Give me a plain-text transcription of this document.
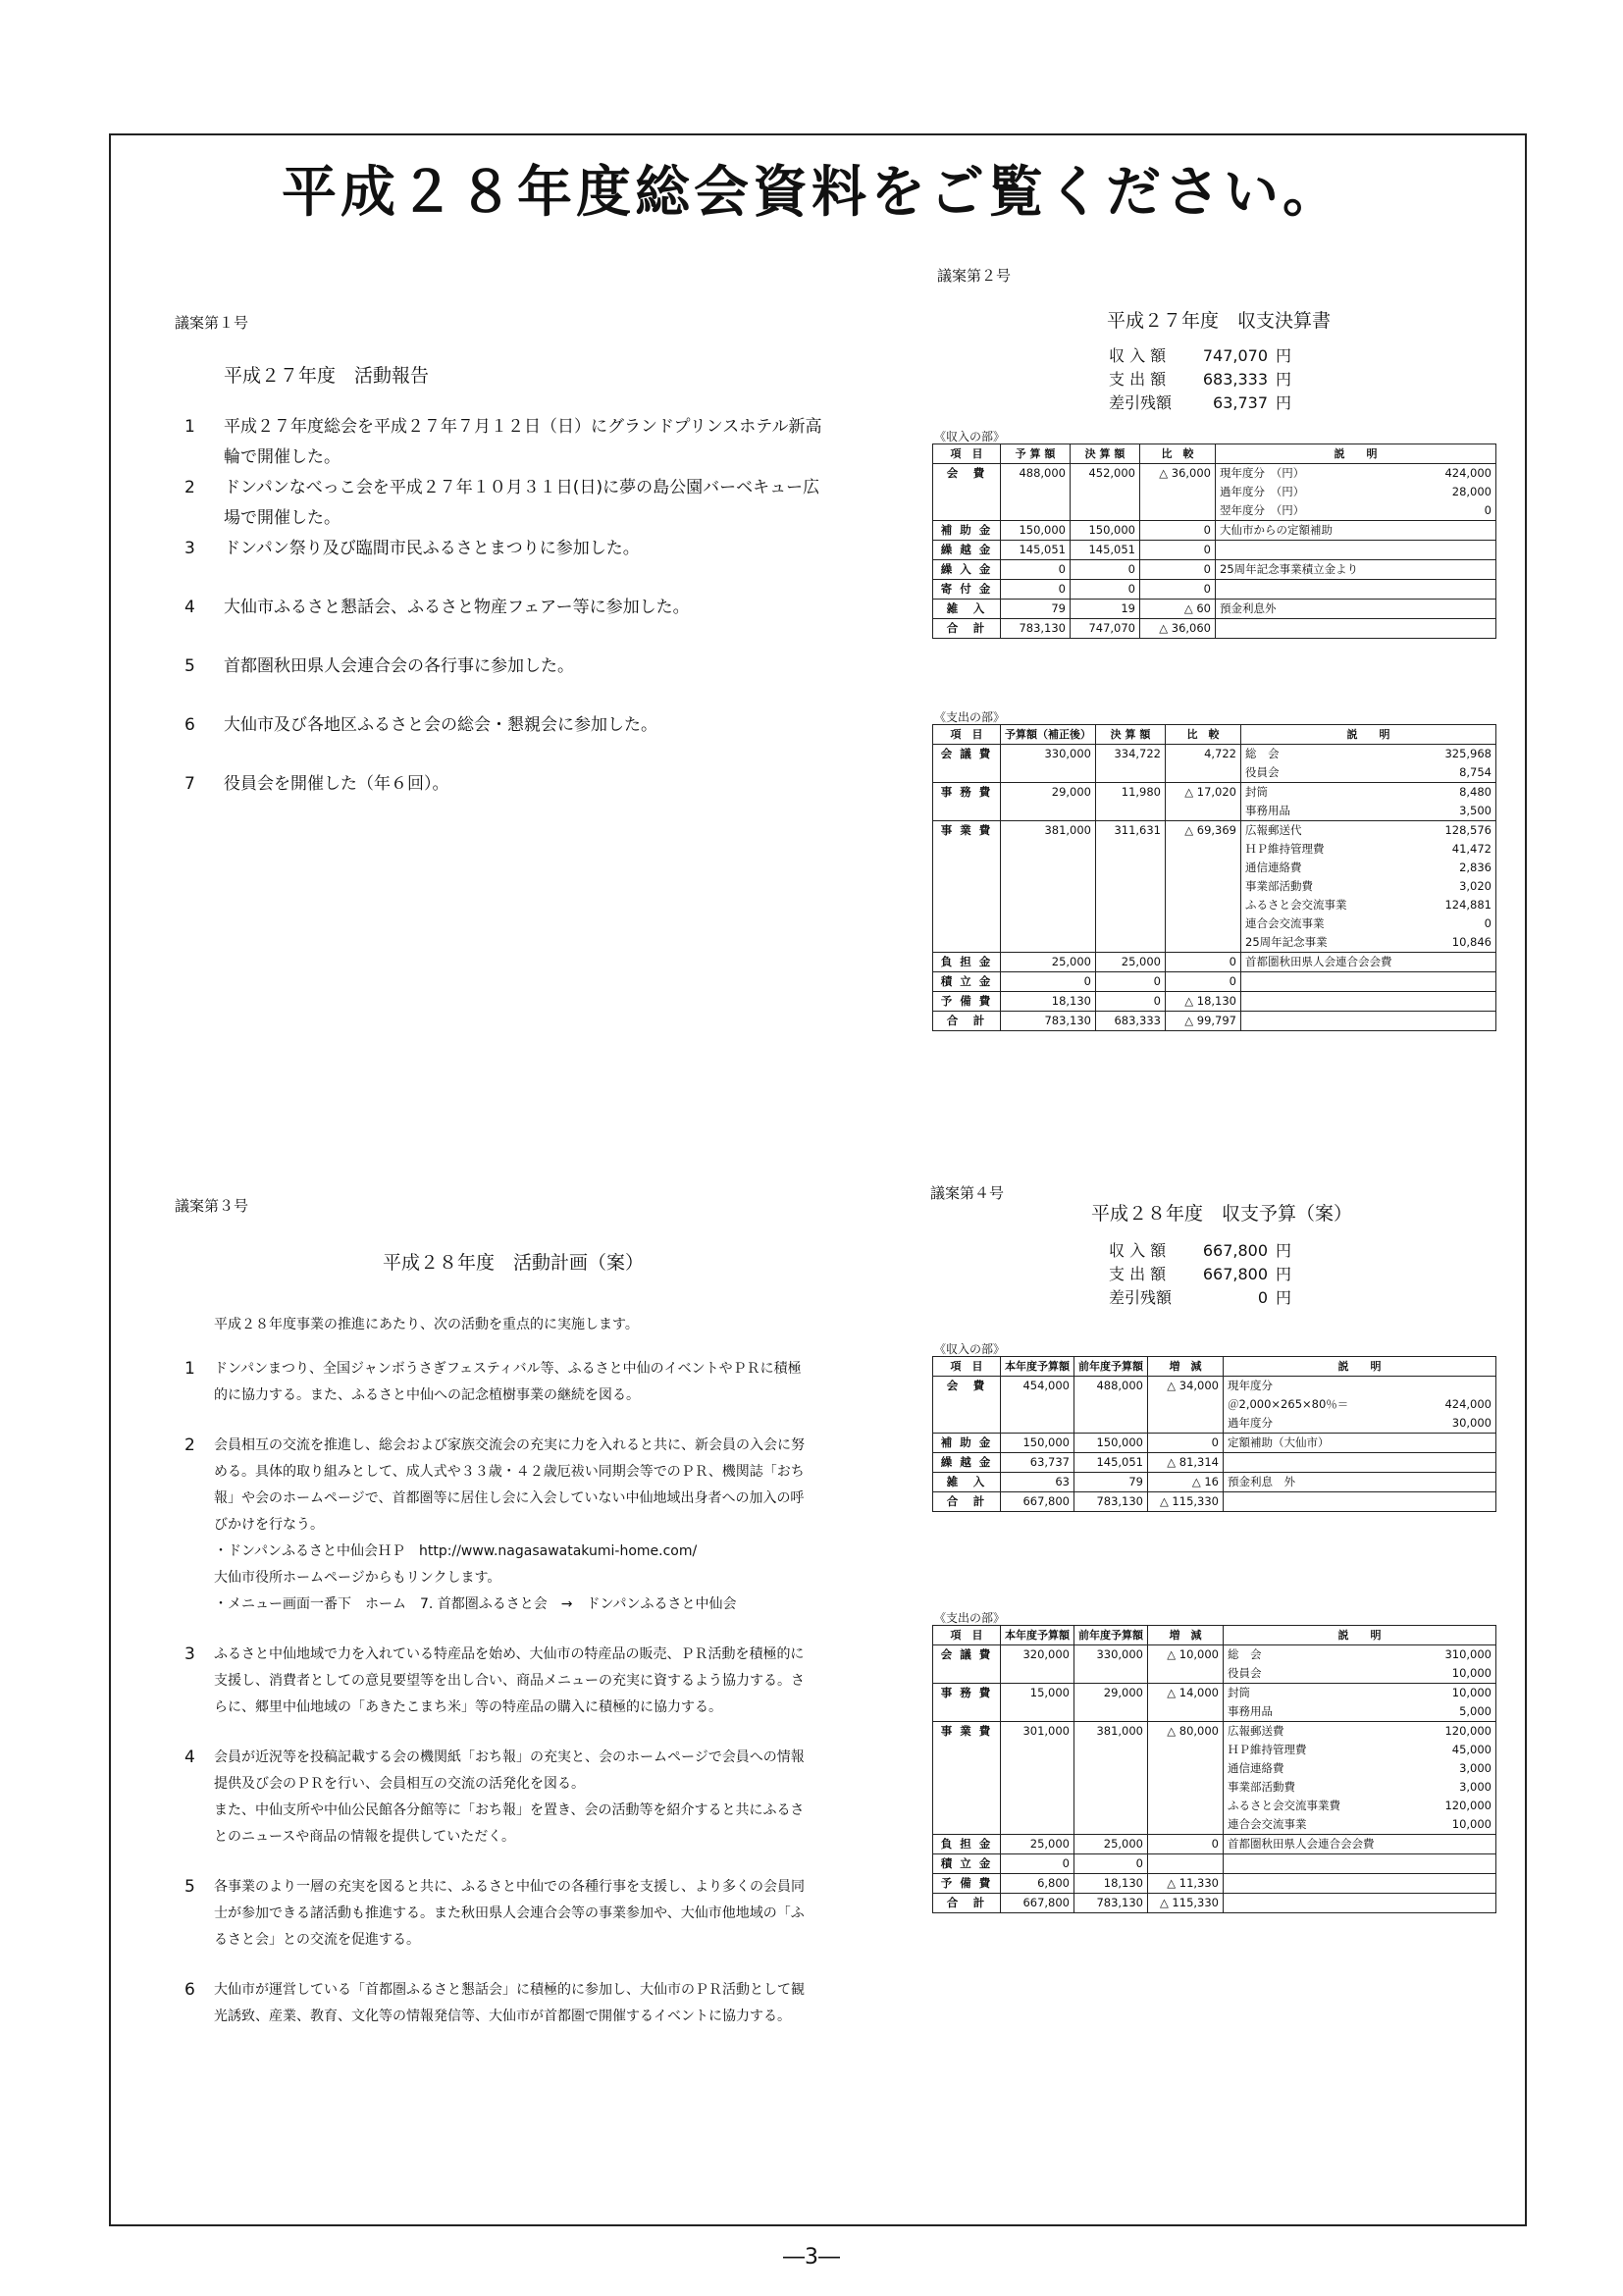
平成２８年度総会資料をご覧ください。
議案第１号
平成２７年度　活動報告
1 平成２７年度総会を平成２７年７月１２日（日）にグランドプリンスホテル新高輪で開催した。
2 ドンパンなべっこ会を平成２７年１０月３１日(日)に夢の島公園バーベキュー広場で開催した。
3 ドンパン祭り及び臨間市民ふるさとまつりに参加した。
4 大仙市ふるさと懇話会、ふるさと物産フェアー等に参加した。
5 首都圏秋田県人会連合会の各行事に参加した。
6 大仙市及び各地区ふるさと会の総会・懇親会に参加した。
7 役員会を開催した（年６回）。
議案第２号
平成２７年度　収支決算書
収 入 額	747,070	円
支 出 額	683,333	円
差引残額	63,737	円
《収入の部》
項　目	予 算 額	決 算 額	比　較	説　　明	
会　費	488,000	452,000	△ 36,000	現年度分　（円）	424,000
				過年度分　（円）	28,000
				翌年度分　（円）	0
補 助 金	150,000	150,000	0	大仙市からの定額補助	
繰 越 金	145,051	145,051	0		
繰 入 金	0	0	0	25周年記念事業積立金より	
寄 付 金	0	0	0		
雑　入	79	19	△ 60	預金利息外	
合　計	783,130	747,070	△ 36,060		
《支出の部》
項　目	予算額（補正後）	決 算 額	比　較	説　　明	
会 議 費	330,000	334,722	4,722	総　会	325,968
				役員会	8,754
事 務 費	29,000	11,980	△ 17,020	封筒	8,480
				事務用品	3,500
事 業 費	381,000	311,631	△ 69,369	広報郵送代	128,576
				ＨＰ維持管理費	41,472
				通信連絡費	2,836
				事業部活動費	3,020
				ふるさと会交流事業	124,881
				連合会交流事業	0
				25周年記念事業	10,846
負 担 金	25,000	25,000	0	首都圏秋田県人会連合会会費	
積 立 金	0	0	0		
予 備 費	18,130	0	△ 18,130		
合　計	783,130	683,333	△ 99,797		
議案第３号
平成２８年度　活動計画（案）

平成２８年度事業の推進にあたり、次の活動を重点的に実施します。

1 ドンパンまつり、全国ジャンボうさぎフェスティバル等、ふるさと中仙のイベントやＰＲに積極的に協力する。また、ふるさと中仙への記念植樹事業の継続を図る。

2 会員相互の交流を推進し、総会および家族交流会の充実に力を入れると共に、新会員の入会に努める。具体的取り組みとして、成人式や３３歳・４２歳厄祓い同期会等でのＰＲ、機関誌「おち報」や会のホームページで、首都圏等に居住し会に入会していない中仙地域出身者への加入の呼びかけを行なう。

・ドンパンふるさと中仙会ＨＰ　http://www.nagasawatakumi-home.com/

大仙市役所ホームページからもリンクします。

・メニュー画面一番下　ホーム　7. 首都圏ふるさと会　→　ドンパンふるさと中仙会

3 ふるさと中仙地域で力を入れている特産品を始め、大仙市の特産品の販売、ＰＲ活動を積極的に支援し、消費者としての意見要望等を出し合い、商品メニューの充実に資するよう協力する。さらに、郷里中仙地域の「あきたこまち米」等の特産品の購入に積極的に協力する。

4 会員が近況等を投稿記載する会の機関紙「おち報」の充実と、会のホームページで会員への情報提供及び会のＰＲを行い、会員相互の交流の活発化を図る。

また、中仙支所や中仙公民館各分館等に「おち報」を置き、会の活動等を紹介すると共にふるさとのニュースや商品の情報を提供していただく。

5 各事業のより一層の充実を図ると共に、ふるさと中仙での各種行事を支援し、より多くの会員同士が参加できる諸活動も推進する。また秋田県人会連合会等の事業参加や、大仙市他地域の「ふるさと会」との交流を促進する。

6 大仙市が運営している「首都圏ふるさと懇話会」に積極的に参加し、大仙市のＰＲ活動として観光誘致、産業、教育、文化等の情報発信等、大仙市が首都圏で開催するイベントに協力する。

議案第４号
平成２８年度　収支予算（案）
収 入 額	667,800	円
支 出 額	667,800	円
差引残額	0	円
《収入の部》
項　目	本年度予算額	前年度予算額	増　減	説　　明	
会　費	454,000	488,000	△ 34,000	現年度分	
				＠2,000×265×80％＝	424,000
				過年度分	30,000
補 助 金	150,000	150,000	0	定額補助（大仙市）	
繰 越 金	63,737	145,051	△ 81,314		
雑　入	63	79	△ 16	預金利息　外	
合　計	667,800	783,130	△ 115,330		
《支出の部》
項　目	本年度予算額	前年度予算額	増　減	説　　明	
会 議 費	320,000	330,000	△ 10,000	総　会	310,000
				役員会	10,000
事 務 費	15,000	29,000	△ 14,000	封筒	10,000
				事務用品	5,000
事 業 費	301,000	381,000	△ 80,000	広報郵送費	120,000
				ＨＰ維持管理費	45,000
				通信連絡費	3,000
				事業部活動費	3,000
				ふるさと会交流事業費	120,000
				連合会交流事業	10,000
負 担 金	25,000	25,000	0	首都圏秋田県人会連合会会費	
積 立 金	0	0			
予 備 費	6,800	18,130	△ 11,330		
合　計	667,800	783,130	△ 115,330		
―3―
